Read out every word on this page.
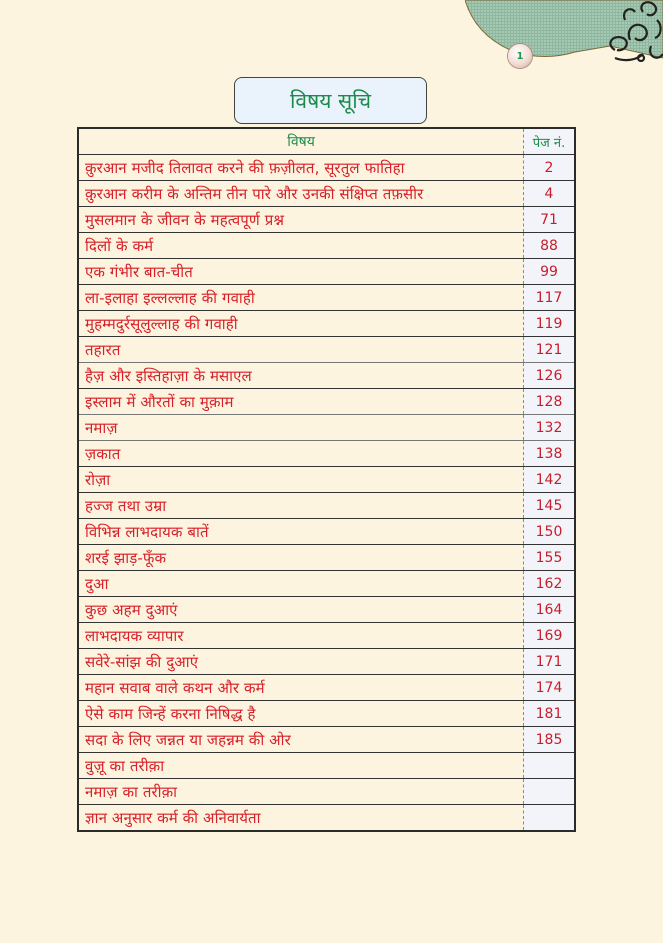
1
विषय सूचि
विषय	पेज नं.
क़ुरआन मजीद तिलावत करने की फ़ज़ीलत, सूरतुल फातिहा	2
क़ुरआन करीम के अन्तिम तीन पारे और उनकी संक्षिप्त तफ़सीर	4
मुसलमान के जीवन के महत्वपूर्ण प्रश्न	71
दिलों के कर्म	88
एक गंभीर बात-चीत	99
ला-इलाहा इल्लल्लाह की गवाही	117
मुहम्मदुर्रसूलुल्लाह की गवाही	119
तहारत	121
हैज़ और इस्तिहाज़ा के मसाएल	126
इस्लाम में औरतों का मुक़ाम	128
नमाज़	132
ज़कात	138
रोज़ा	142
हज्ज तथा उम्रा	145
विभिन्न लाभदायक बातें	150
शरई झाड़-फूँक	155
दुआ	162
कुछ अहम दुआएं	164
लाभदायक व्यापार	169
सवेरे-सांझ की दुआएं	171
महान सवाब वाले कथन और कर्म	174
ऐसे काम जिन्हें करना निषिद्ध है	181
सदा के लिए जन्नत या जहन्नम की ओर	185
वुज़ू का तरीक़ा	
नमाज़ का तरीक़ा	
ज्ञान अनुसार कर्म की अनिवार्यता	
